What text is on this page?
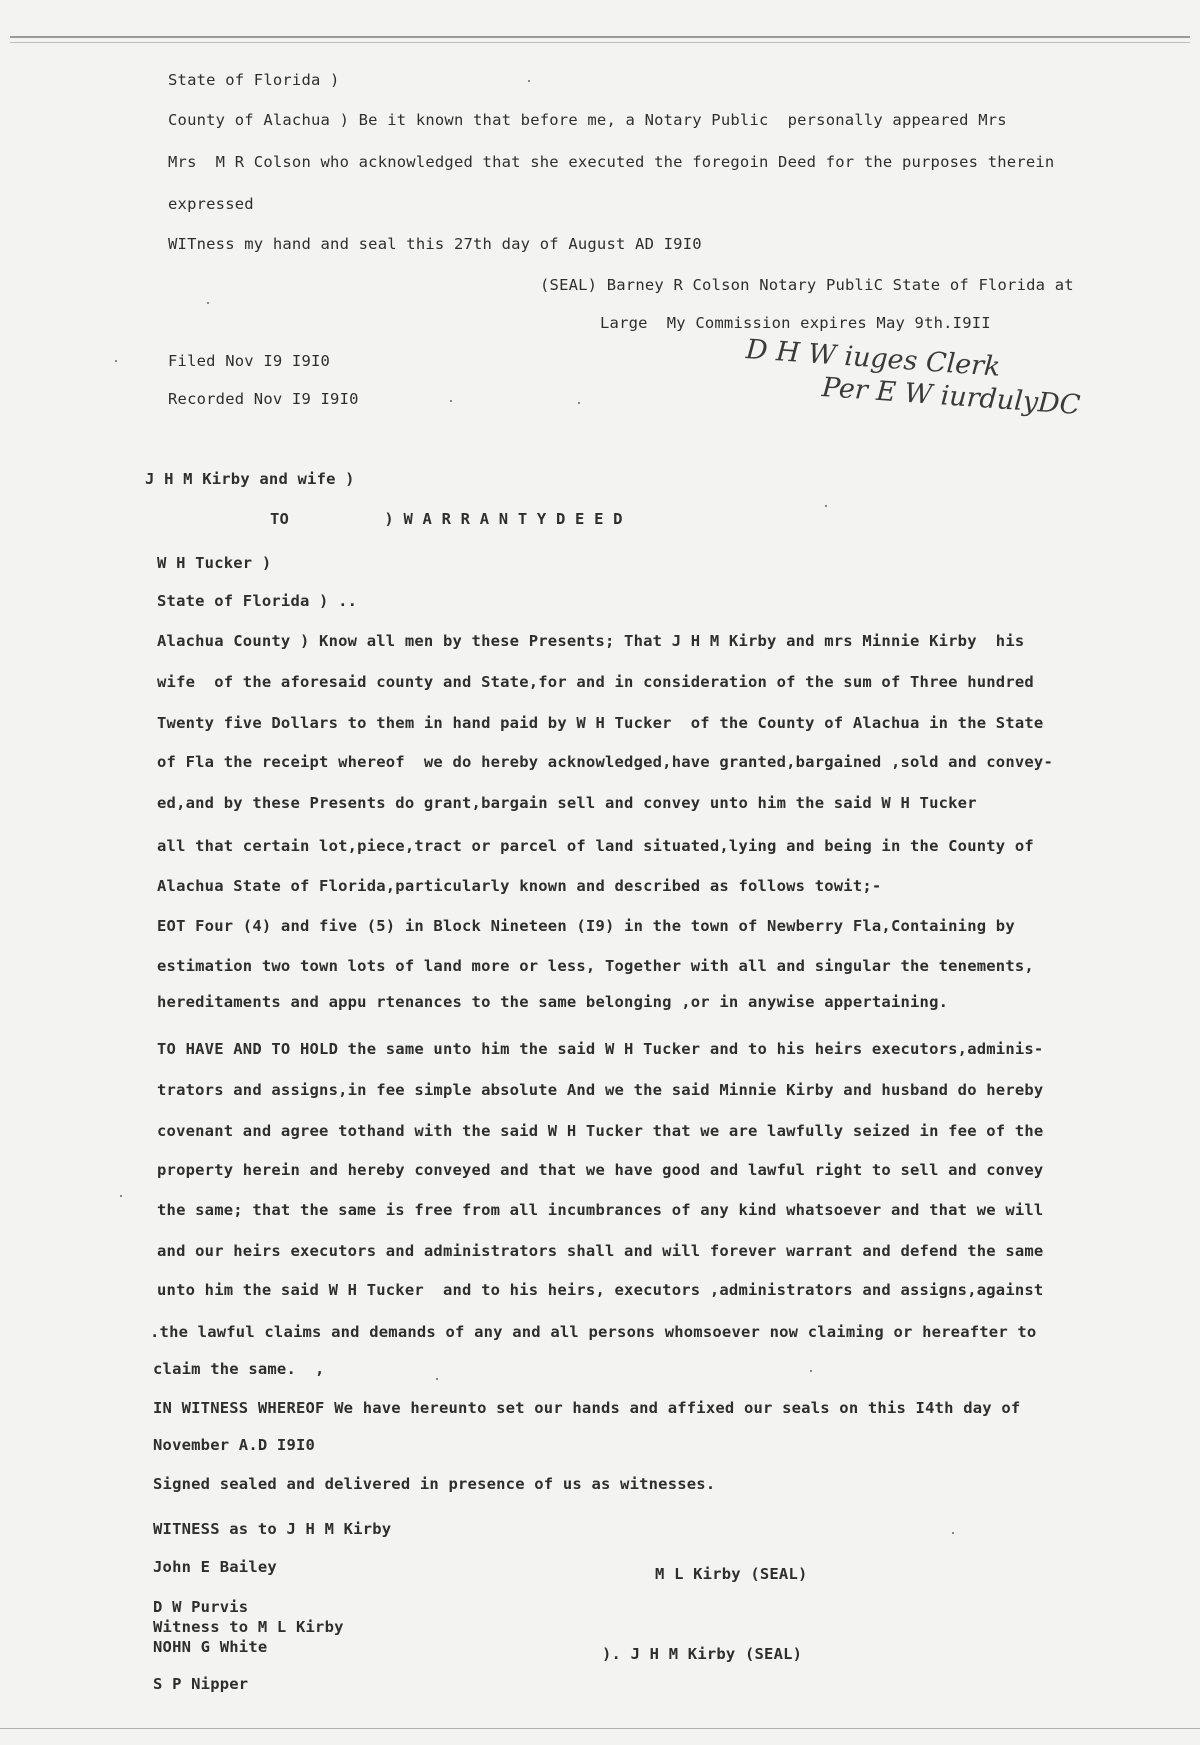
State of Florida )
County of Alachua ) Be it known that before me, a Notary Public  personally appeared Mrs
Mrs  M R Colson who acknowledged that she executed the foregoin Deed for the purposes therein
expressed
WITness my hand and seal this 27th day of August AD I9I0
(SEAL) Barney R Colson Notary PubliC State of Florida at
Large  My Commission expires May 9th.I9II
Filed Nov I9 I9I0
Recorded Nov I9 I9I0
D H W iuges Clerk
Per E W iurdulyDC
J H M Kirby and wife )
TO          ) W A R R A N T Y D E E D
W H Tucker )
State of Florida ) ..
Alachua County ) Know all men by these Presents; That J H M Kirby and mrs Minnie Kirby  his
wife  of the aforesaid county and State,for and in consideration of the sum of Three hundred
Twenty five Dollars to them in hand paid by W H Tucker  of the County of Alachua in the State
of Fla the receipt whereof  we do hereby acknowledged,have granted,bargained ,sold and convey-
ed,and by these Presents do grant,bargain sell and convey unto him the said W H Tucker
all that certain lot,piece,tract or parcel of land situated,lying and being in the County of
Alachua State of Florida,particularly known and described as follows towit;-
EOT Four (4) and five (5) in Block Nineteen (I9) in the town of Newberry Fla,Containing by
estimation two town lots of land more or less, Together with all and singular the tenements,
hereditaments and appu rtenances to the same belonging ,or in anywise appertaining.
TO HAVE AND TO HOLD the same unto him the said W H Tucker and to his heirs executors,adminis-
trators and assigns,in fee simple absolute And we the said Minnie Kirby and husband do hereby
covenant and agree tothand with the said W H Tucker that we are lawfully seized in fee of the
property herein and hereby conveyed and that we have good and lawful right to sell and convey
the same; that the same is free from all incumbrances of any kind whatsoever and that we will
and our heirs executors and administrators shall and will forever warrant and defend the same
unto him the said W H Tucker  and to his heirs, executors ,administrators and assigns,against
.the lawful claims and demands of any and all persons whomsoever now claiming or hereafter to
claim the same.  ,
IN WITNESS WHEREOF We have hereunto set our hands and affixed our seals on this I4th day of
November A.D I9I0
Signed sealed and delivered in presence of us as witnesses.
WITNESS as to J H M Kirby
John E Bailey
D W Purvis
Witness to M L Kirby
NOHN G White
S P Nipper
M L Kirby (SEAL)
). J H M Kirby (SEAL)
